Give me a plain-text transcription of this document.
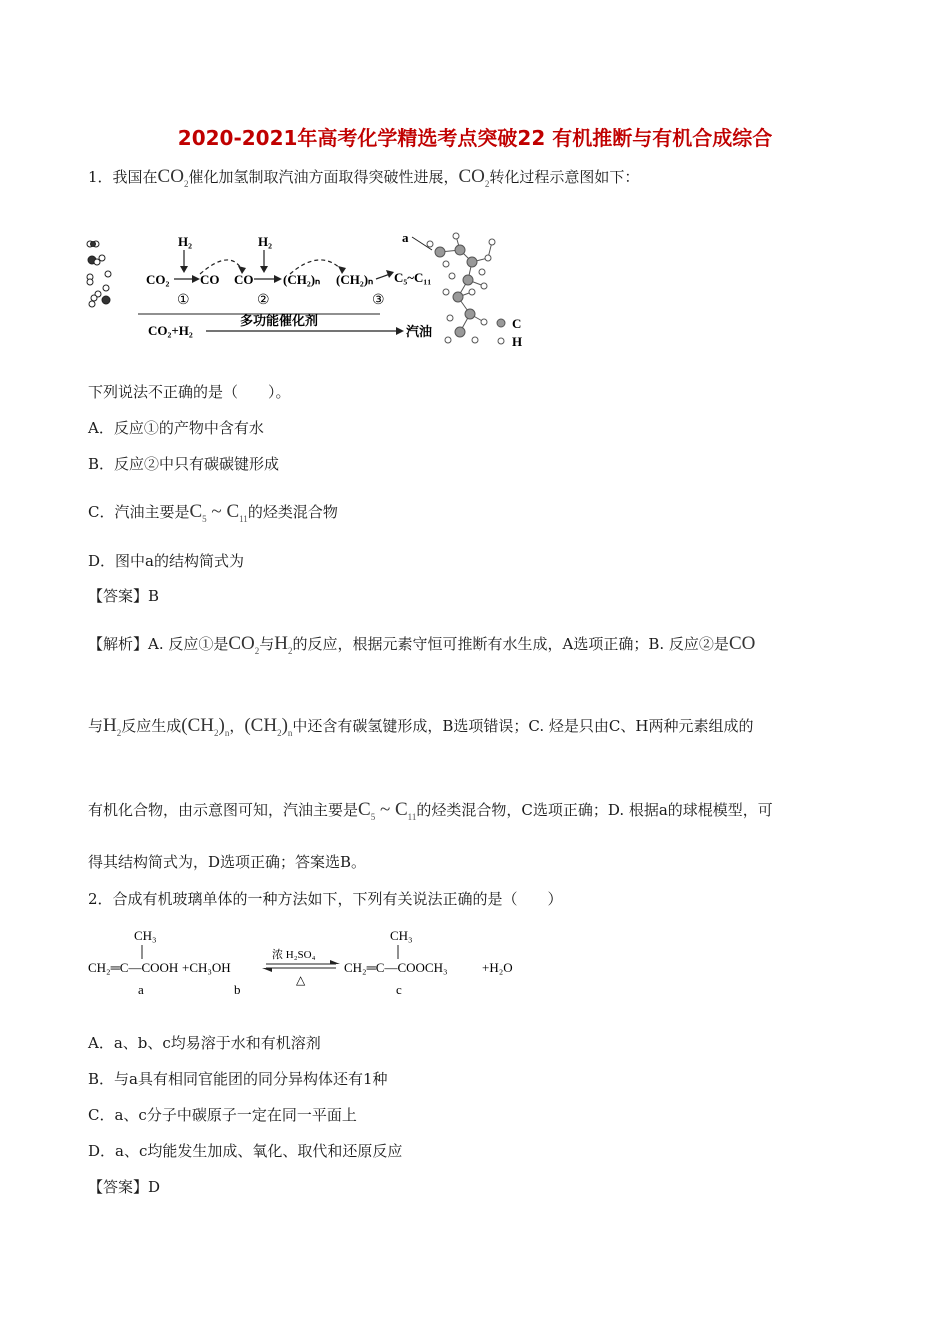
2020-2021年高考化学精选考点突破22 有机推断与有机合成综合
1．我国在$CO_2$催化加氢制取汽油方面取得突破性进展，$CO_2$转化过程示意图如下：
H₂	H₂
CO₂ CO
①
CO
②
(CH₂)ₙ (CH₂)ₙ
③
C₅~C₁₁
CO₂+H₂
多功能催化剂
汽油
a
C
H
下列说法不正确的是（　　）。
A．反应①的产物中含有水
B．反应②中只有碳碳键形成
C．汽油主要是$C_5$ ~ $C_{11}$的烃类混合物
D．图中a的结构简式为
【答案】B
【解析】A. 反应①是$CO_2$与$H_2$的反应，根据元素守恒可推断有水生成，A选项正确；B. 反应②是CO
与$H_2$反应生成$(CH_2)_n$，$(CH_2)_n$中还含有碳氢键形成，B选项错误；C. 烃是只由C、H两种元素组成的
有机化合物，由示意图可知，汽油主要是$C_5$ ~ $C_{11}$的烃类混合物，C选项正确；D. 根据a的球棍模型，可
得其结构简式为，D选项正确；答案选B。
2．合成有机玻璃单体的一种方法如下，下列有关说法正确的是（　　）
CH₃
CH₂═C—COOH +CH₃OH
a	b
浓 H₂SO₄
△
CH₃
CH₂═C—COOCH₃	+H₂O
c
A．a、b、c均易溶于水和有机溶剂
B．与a具有相同官能团的同分异构体还有1种
C．a、c分子中碳原子一定在同一平面上
D．a、c均能发生加成、氧化、取代和还原反应
【答案】D
